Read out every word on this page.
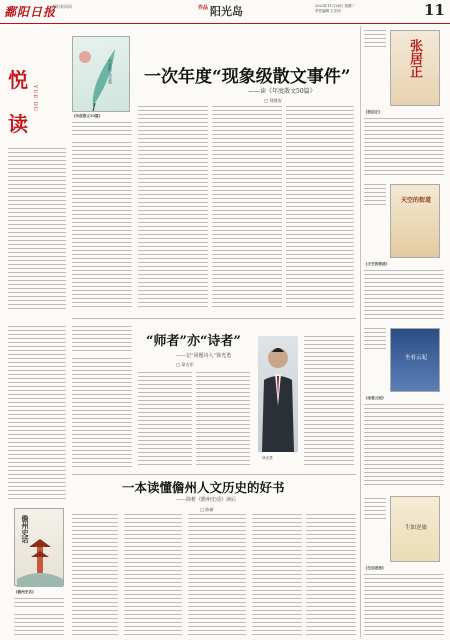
鄱阳日报
鄱阳新闻网	作品 阳光岛	2023年11月28日 星期二
责任编辑 王宏伟	11
悦
读
YUE DU
年度散文50篇
《年度散文50篇》
一次年度“现象级散文事件”
——读《年度散文50篇》
□ 刘建安
“师者”亦“诗者”
——记“同题诗人”徐光勇
□ 章吉军
徐光勇
一本读懂儋州人文历史的好书
——简析《儋州史话》读后
□ 陈新
儋州史话
《儋州史话》
张居正
《张居正》
天空的街道
《天空的街道》
坐看云起
《坐看云起》
生如逆旅
《生如逆旅》
